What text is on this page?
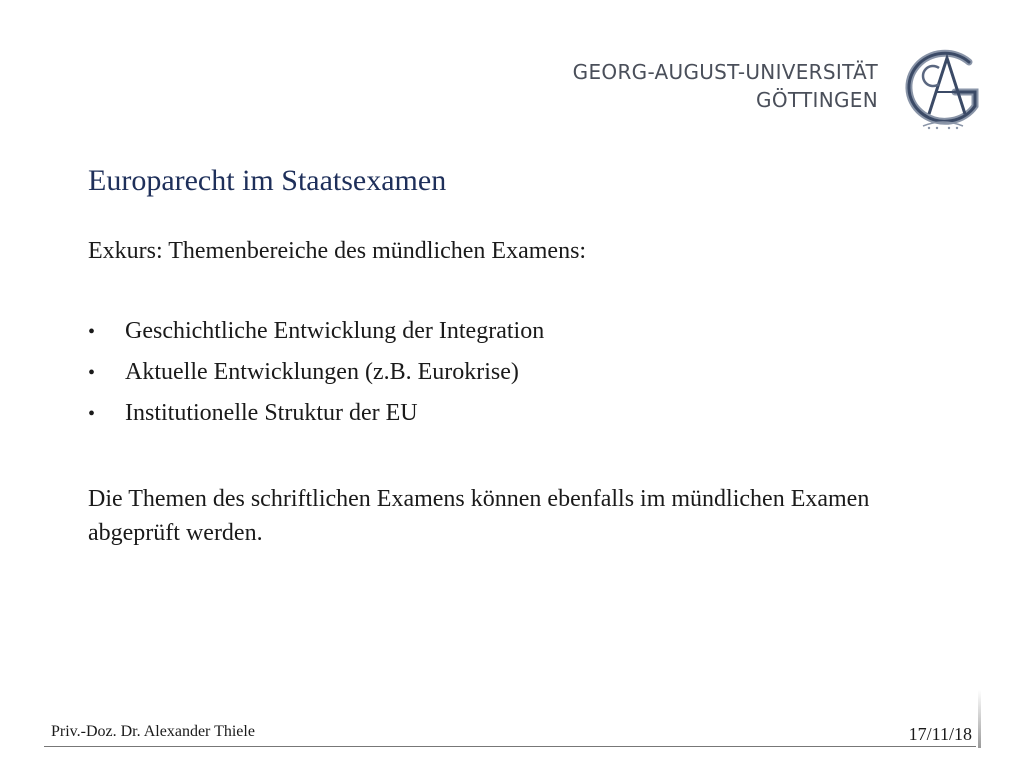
GEORG-AUGUST-UNIVERSITÄT
GÖTTINGEN
Europarecht im Staatsexamen
Exkurs: Themenbereiche des mündlichen Examens:
•	Geschichtliche Entwicklung der Integration
•	Aktuelle Entwicklungen (z.B. Eurokrise)
•	Institutionelle Struktur der EU
Die Themen des schriftlichen Examens können ebenfalls im mündlichen Examen abgeprüft werden.
Priv.-Doz. Dr. Alexander Thiele	17/11/18
